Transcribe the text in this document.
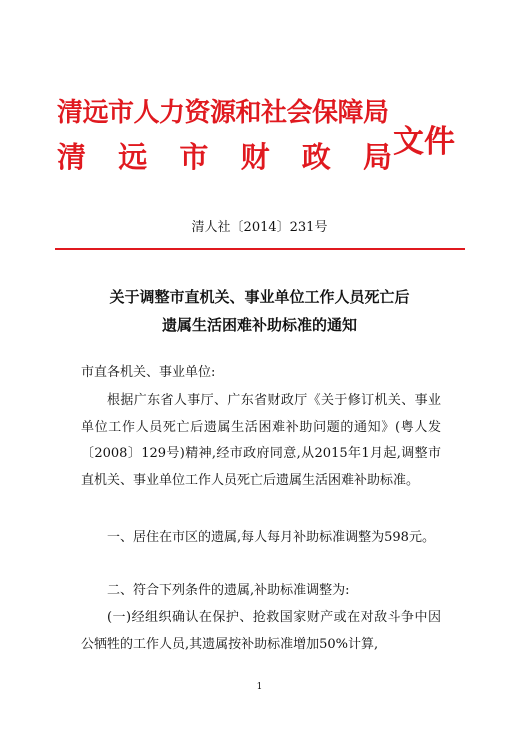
清远市人力资源和社会保障局
清 远 市 财 政 局 文件
清人社〔2014〕231号
关于调整市直机关、事业单位工作人员死亡后
遗属生活困难补助标准的通知
市直各机关、事业单位:
根据广东省人事厅、广东省财政厅《关于修订机关、事业单位工作人员死亡后遗属生活困难补助问题的通知》(粤人发〔2008〕129号)精神,经市政府同意,从2015年1月起,调整市直机关、事业单位工作人员死亡后遗属生活困难补助标准。
一、居住在市区的遗属,每人每月补助标准调整为598元。
二、符合下列条件的遗属,补助标准调整为:
(一)经组织确认在保护、抢救国家财产或在对敌斗争中因公牺牲的工作人员,其遗属按补助标准增加50%计算,
1
